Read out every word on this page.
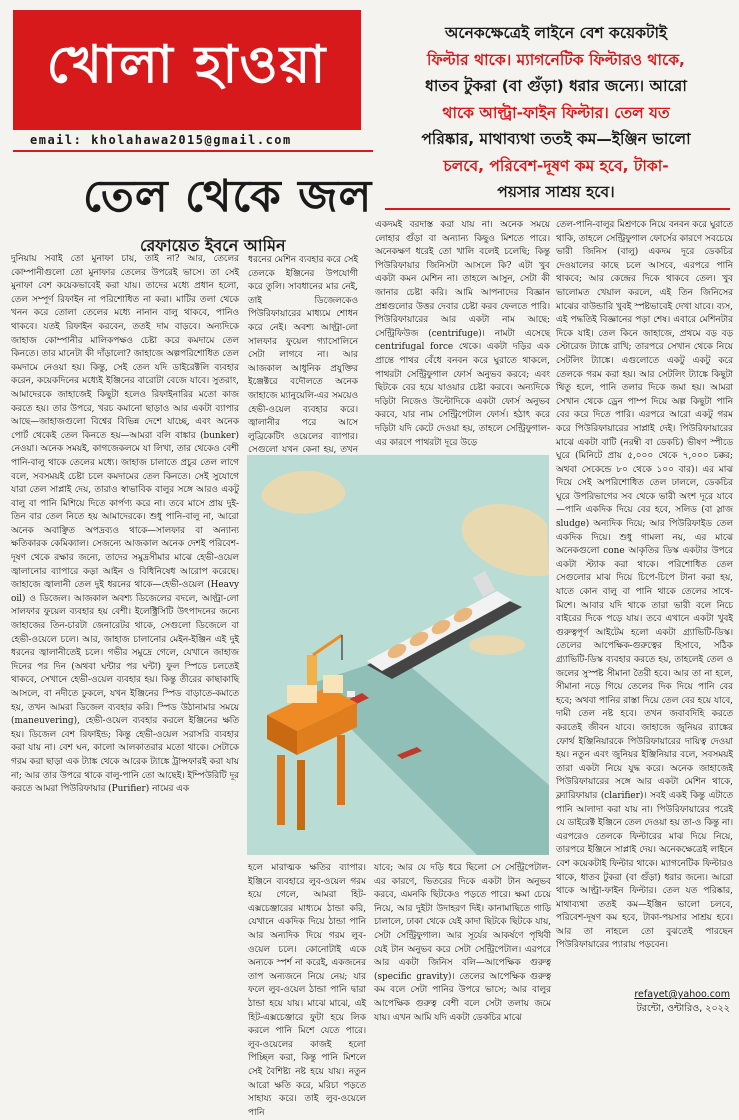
খোলা হাওয়া
email: kholahawa2015@gmail.com
অনেকক্ষেত্রেই লাইনে বেশ কয়েকটাই
ফিল্টার থাকে। ম্যাগনেটিক ফিল্টারও থাকে,
ধাতব টুকরা (বা গুঁড়া) ধরার জন্যে। আরো
থাকে আল্ট্রা-ফাইন ফিল্টার। তেল যত
পরিষ্কার, মাথাব্যথা ততই কম—ইঞ্জিন ভালো
চলবে, পরিবেশ-দূষণ কম হবে, টাকা-
পয়সার সাশ্রয় হবে।
তেল থেকে জল
রেফায়েত ইবনে আমিন
দুনিয়ায় সবাই তো মুনাফা চায়, তাই না? আর, তেলের কোম্পানীগুলো তো মুনাফার তেলের উপরেই ভাসে। তা সেই মুনাফা বেশ কয়েকভাবেই করা যায়। তাদের মধ্যে প্রধান হলো, তেল সম্পূর্ণ রিফাইন না পরিশোধিত না করা। মাটির তলা থেকে খনন করে তোলা তেলের মধ্যে নানান বালু থাকবে, পানিও থাকবে। যতই রিফাইন করবেন, ততই দাম বাড়বে। অন্যদিকে জাহাজ কোম্পানীর মালিকপক্ষও চেষ্টা করে কমদামে তেল কিনতে। তার মানেটা কী দাঁড়ালো? জাহাজে অল্পপরিশোধিত তেল কমদামে নেওয়া হয়। কিন্তু, সেই তেল যদি ডাইরেক্টলি ব্যবহার করেন, কয়েকদিনের মধ্যেই ইঞ্জিনের বারোটা বেজে যাবে। সুতরাং, আমাদেরকে জাহাজেই কিছুটা হলেও রিফাইনারির মতো কাজ করতে হয়। তার উপরে, খরচ কমানো ছাড়াও আর একটা ব্যাপার আছে—জাহাজগুলো বিশ্বের বিভিন্ন দেশে যাচ্ছে, এবং অনেক পোর্ট থেকেই তেল কিনতে হয়—আমরা বলি বাঙ্কার (bunker) নেওয়া। অনেক সময়ই, কাগজেকলমে যা লিখা, তার থেকেও বেশী পানি-বালু থাকে তেলের মধ্যে। জাহাজ চালাতে প্রচুর তেল লাগে বলে, সবসময়ই চেষ্টা চলে কমদামের তেল কিনতে। সেই সুযোগে যারা তেল সাপ্লাই দেয়, তারাও স্বাভাবিক বালুর সঙ্গে আরও একটু বালু বা পানি মিশিয়ে দিতে কার্পণ্য করে না। তবে মাসে প্রায় দুই-তিন বার তেল নিতে হয় আমাদেরকে। শুধু পানি-বালু না, আরো অনেক অবাঞ্ছিত অপদ্রব্যও থাকে—সালফার বা অন্যান্য ক্ষতিকারক কেমিক্যাল। সেজন্যে আজকাল অনেক দেশই পরিবেশ-দূষণ থেকে রক্ষার জন্যে, তাদের সমুদ্রসীমার মাঝে হেভী-ওয়েল জ্বালানোর ব্যাপারে কড়া আইন ও বিধিনিষেধ আরোপ করেছে। জাহাজে জ্বালানী তেল দুই ধরনের থাকে—হেভী-ওয়েল (Heavy oil) ও ডিজেল। আজকাল অবশ্য ডিজেলের বদলে, আল্ট্রা-লো সালফার ফুয়েল ব্যবহার হয় বেশী। ইলেক্ট্রিসিটি উৎপাদনের জন্যে জাহাজের তিন-চারটা জেনারেটর থাকে, সেগুলো ডিজেলে বা হেভী-ওয়েলে চলে। আর, জাহাজ চালানোর মেইন-ইঞ্জিন এই দুই ধরনের জ্বালানীতেই চলে। গভীর সমুদ্রে গেলে, যেখানে জাহাজ দিনের পর দিন (অথবা ঘন্টার পর ঘন্টা) ফুল স্পিডে চলতেই থাকবে, সেখানে হেভী-ওয়েল ব্যবহার হয়। কিন্তু তীরের কাছাকাছি আসলে, বা নদীতে ঢুকলে, যখন ইঞ্জিনের স্পিড বাড়াতে-কমাতে হয়, তখন আমরা ডিজেল ব্যবহার করি। স্পিড উঠানামার সময়ে (maneuvering), হেভী-ওয়েল ব্যবহার করলে ইঞ্জিনের ক্ষতি হয়। ডিজেল বেশ রিফাইন্ড; কিন্তু হেভী-ওয়েল সরাসরি ব্যবহার করা যায় না। বেশ ঘন, কালো আলকাতরার মতো থাকে। সেটাকে গরম করা ছাড়া এক ট্যাঙ্ক থেকে আরেক ট্যাঙ্কে ট্রান্সফারই করা যায় না; আর তার উপরে থাকে বালু-পানি তো আছেই। ইম্পিউরিটি দূর করতে আমরা পিউরিফায়ার (Purifier) নামের এক
ধরনের মেশিন ব্যবহার করে সেই তেলকে ইঞ্জিনের উপযোগী করে তুলি। সাবধানের মার নেই, তাই ডিজেলকেও পিউরিফায়ারের মাধ্যমে শোধন করে নেই। অবশ্য আল্ট্রা-লো সালফার ফুয়েল গ্যাসোলিনে সেটা লাগবে না। আর আজকাল আধুনিক প্রযুক্তির ইঞ্জেক্টরে বদৌলতে অনেক জাহাজে ম্যানুয়েলি-এর সময়েও হেভী-ওয়েল ব্যবহার করে। জ্বালানীর পরে আসে লুব্রিকেটিং ওয়েলের ব্যাপার। সেগুলো যখন কেনা হয়, তখন
একদমই বরদাস্ত করা যায় না। অনেক সময়ে লোহার গুঁড়া বা অন্যান্য কিছুও মিশতে পারে। অনেকক্ষণ ধরেই তো খালি বলেই চলেছি; কিন্তু পিউরিফায়ার জিনিসটা আসলে কি? এটা খুব একটা কমন মেশিন না। তাহলে আসুন, সেটা কী জানার চেষ্টা করি। আমি আপনাদের বিজ্ঞান প্রশ্নগুলোর উত্তর দেবার চেষ্টা করব ফেলতে পারি। পিউরিফায়ারের আর একটা নাম আছে: সেন্ট্রিফিউজ (centrifuge)। নামটা এসেছে centrifugal force থেকে। একটা দড়ির এক প্রান্তে পাথর বেঁধে বনবন করে ঘুরাতে থাকলে, পাথরটা সেন্ট্রিফুগাল ফোর্স অনুভব করবে; এবং ছিটকে বের হয়ে যাওয়ার চেষ্টা করবে। অন্যদিকে দড়িটা নিজেও উল্টোদিকে একটা ফোর্স অনুভব করবে, যার নাম সেন্ট্রিপেটাল ফোর্স। হঠাৎ করে দড়িটা যদি কেটে দেওয়া হয়, তাহলে সেন্ট্রিফুগাল-এর কারণে পাথরটা দূরে উড়ে
তেল-পানি-বালুর মিশ্রণকে নিয়ে বনবন করে ঘুরাতে থাকি, তাহলে সেন্ট্রিফুগাল ফোর্সের কারণে সবচেয়ে ভারী জিনিস (বালু) একদম দূরে ডেকচির দেওয়ালের কাছে চলে আসবে, এরপরে পানি থাকবে; আর কেন্দ্রের দিকে থাকবে তেল। খুব ভালোমত খেয়াল করলে, এই তিন জিনিসের মাঝের বাউন্ডারি খুবই স্পষ্টভাবেই দেখা যাবে। ব্যস, এই পদ্ধতিই বিজ্ঞানের পড়া শেষ। এবারে মেশিনটার দিকে যাই। তেল কিনে জাহাজে, প্রথমে বড় বড় স্টোরেজ ট্যাঙ্কে রাখি; তারপরে সেখান থেকে নিয়ে সেটলিং ট্যাঙ্কে। এগুলোতে একটু একটু করে তেলকে গরম করা হয়। আর সেটলিং ট্যাঙ্কে কিছুটা থিতু হলে, পানি তলার দিকে জমা হয়। আমরা সেখান থেকে ড্রেন পাম্প দিয়ে অল্প কিছুটা পানি বের করে দিতে পারি। এরপরে আরো একটু গরম করে পিউরিফায়ারের সাপ্লাই দেই। পিউরিফায়ারের মাঝে একটা বাটি (নরম্বী বা ডেকচি) ভীষণ স্পীডে ঘুরে (মিনিটে প্রায় ৫,০০০ থেকে ৭,০০০ চক্কর; অথবা সেকেন্ডে ৮০ থেকে ১০০ বার)। এর মাঝ দিয়ে সেই অপরিশোধিত তেল ঢাললে, ডেকচির ঘুরে উপরিভাগের সব থেকে ভারী অংশ দূরে যাবে—পানি একদিক দিয়ে বের হবে, সলিড (বা স্লাজ sludge) অন্যদিক দিয়ে; আর পিউরিফাইড তেল একদিক দিয়ে। শুধু গামলা নয়, এর মাঝে অনেকগুলো cone আকৃতির ডিস্ক একটার উপরে একটা স্ট্যাক করা থাকে। পরিশোধিত তেল সেগুলোর মাঝ দিয়ে চিপে-চিপে টানা করা হয়, যাতে কোন বালু বা পানি থাকে তেলের সাথে-মিশে। আবার যদি থাকে তারা ভারী বলে নিচে বাইরের দিকে পড়ে যায়। তবে এখানে একটা খুবই গুরুত্বপূর্ণ আইটেম হলো একটা গ্র্যাভিটি-ডিস্ক। তেলের আপেক্ষিক-গুরুত্বের হিসাবে, সঠিক গ্র্যাভিটি-ডিস্ক ব্যবহার করতে হয়, তাহলেই তেল ও জলের সুস্পষ্ট সীমানা তৈরী হবে। আর তা না হলে, সীমানা নড়ে গিয়ে তেলের দিক দিয়ে পানি বের হবে; অথবা পানির রাস্তা দিয়ে তেল বের হয়ে যাবে, দামী তেল নষ্ট হবে। তখন জবাবদিহি করতে করতেই জীবন যাবে। জাহাজে জুনিয়র র‍্যাঙ্কের ফোর্থ ইঞ্জিনিয়ারকে পিউরিফায়ারের দায়িত্ব দেওয়া হয়। নতুন এবং জুনিয়র ইঞ্জিনিয়ার বলে, সবসময়ই তারা একটা নিয়ে যুদ্ধ করে। অনেক জাহাজেই পিউরিফায়ারের সঙ্গে আর একটা মেশিন থাকে, ক্ল্যারিফায়ার (clarifier)। সবই একই কিন্তু এটাতে পানি আলাদা করা যায় না। পিউরিফায়ারের পরেই যে ডাইরেক্ট ইঞ্জিনে তেল দেওয়া হয় তা-ও কিন্তু না। এরপরেও তেলকে ফিল্টারের মাঝ দিয়ে নিয়ে, তারপরে ইঞ্জিনে সাপ্লাই দেয়। অনেকক্ষেত্রেই লাইনে বেশ কয়েকটাই ফিল্টার থাকে। ম্যাগনেটিক ফিল্টারও থাকে, ধাতব টুকরা (বা গুঁড়া) ধরার জন্যে। আরো থাকে আল্ট্রা-ফাইন ফিল্টার। তেল যত পরিষ্কার, মাথাব্যথা ততই কম—ইঞ্জিন ভালো চলবে, পরিবেশ-দূষণ কম হবে, টাকা-পয়সার সাশ্রয় হবে। আর তা নাহলে তো বুঝতেই পারছেন পিউরিফায়ারের প্যারায় পড়বেন।
হলে মারাত্মক ক্ষতির ব্যাপার। ইঞ্জিনে ব্যবহারে লুব-ওয়েল গরম হয়ে গেলে, আমরা হিট-এক্সচেঞ্জারের মাধ্যমে ঠান্ডা করি, যেখানে একদিক দিয়ে ঠান্ডা পানি আর অন্যদিক দিয়ে গরম লুব-ওয়েল চলে। কোনোটাই একে অন্যকে স্পর্শ না করেই, একজনের তাপ অন্যজনে নিয়ে নেয়; যার ফলে লুব-ওয়েল ঠান্ডা পানি দ্বারা ঠান্ডা হয়ে যায়। মাঝে মাঝে, এই হিট-এক্সচেঞ্জারে ফুটা হয়ে লিক করলে পানি মিশে যেতে পারে। লুব-ওয়েলের কাজই হলো পিচ্ছিল করা, কিন্তু পানি মিশলে সেই বৈশিষ্ট্য নষ্ট হয়ে যায়। নতুন আরো ক্ষতি করে, মরিচা পড়তে সাহায্য করে। তাই লুব-ওয়েলে পানি
যাবে; আর যে দড়ি ধরে ছিলো সে সেন্ট্রিপেটাল-এর কারণে, ভিতরের দিকে একটা টান অনুভব করবে, এমনকি ছিটকেও পড়তে পারে। ক্ষমা চেয়ে নিয়ে, আর দুইটা উদাহরণ দিই। কানামাছিতে গাড়ি চালালে, ঢাকা থেকে যেই কাদা ছিটকে ছিটকে যায়, সেটা সেন্ট্রিফুগাল। আর সূর্যের আকর্ষণে পৃথিবী যেই টান অনুভব করে সেটা সেন্ট্রিপেটাল। এরপরে আর একটা জিনিস বলি—আপেক্ষিক গুরুত্ব (specific gravity)। তেলের আপেক্ষিক গুরুত্ব কম বলে সেটা পানির উপরে ভাসে; আর বালুর আপেক্ষিক গুরুত্ব বেশী বলে সেটা তলায় জমে যায়। এখন আমি যদি একটা ডেকচির মাঝে
refayet@yahoo.com
টরন্টো, ওন্টারিও, ২০২২
